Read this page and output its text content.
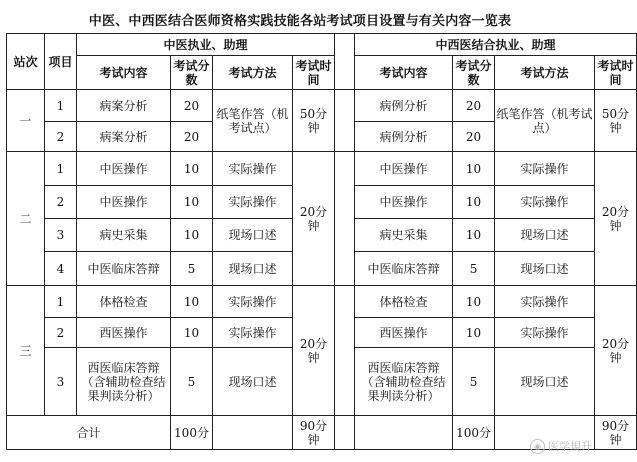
中医、中西医结合医师资格实践技能各站考试项目设置与有关内容一览表
站次	项目	中医执业、助理					中西医结合执业、助理			
		考试内容	考试分数	考试方法	考试时间		考试内容	考试分数	考试方法	考试时间
一	1	病案分析	20	纸笔作答（机考试点）	50分钟		病例分析	20	纸笔作答（机考试点）	50分钟
	2	病案分析	20				病例分析	20		
二	1	中医操作	10	实际操作	20分钟		中医操作	10	实际操作	20分钟
	2	中医操作	10	实际操作			中医操作	10	实际操作	
	3	病史采集	10	现场口述			病史采集	10	现场口述	
	4	中医临床答辩	5	现场口述			中医临床答辩	5	现场口述	
三	1	体格检查	10	实际操作	20分钟		体格检查	10	实际操作	20分钟
	2	西医操作	10	实际操作			西医操作	10	实际操作	
	3	西医临床答辩（含辅助检查结果判读分析）	5	现场口述			西医临床答辩（含辅助检查结果判读分析）	5	现场口述	
合计			100分		90分钟			100分		90分钟
◉ 医学規升
